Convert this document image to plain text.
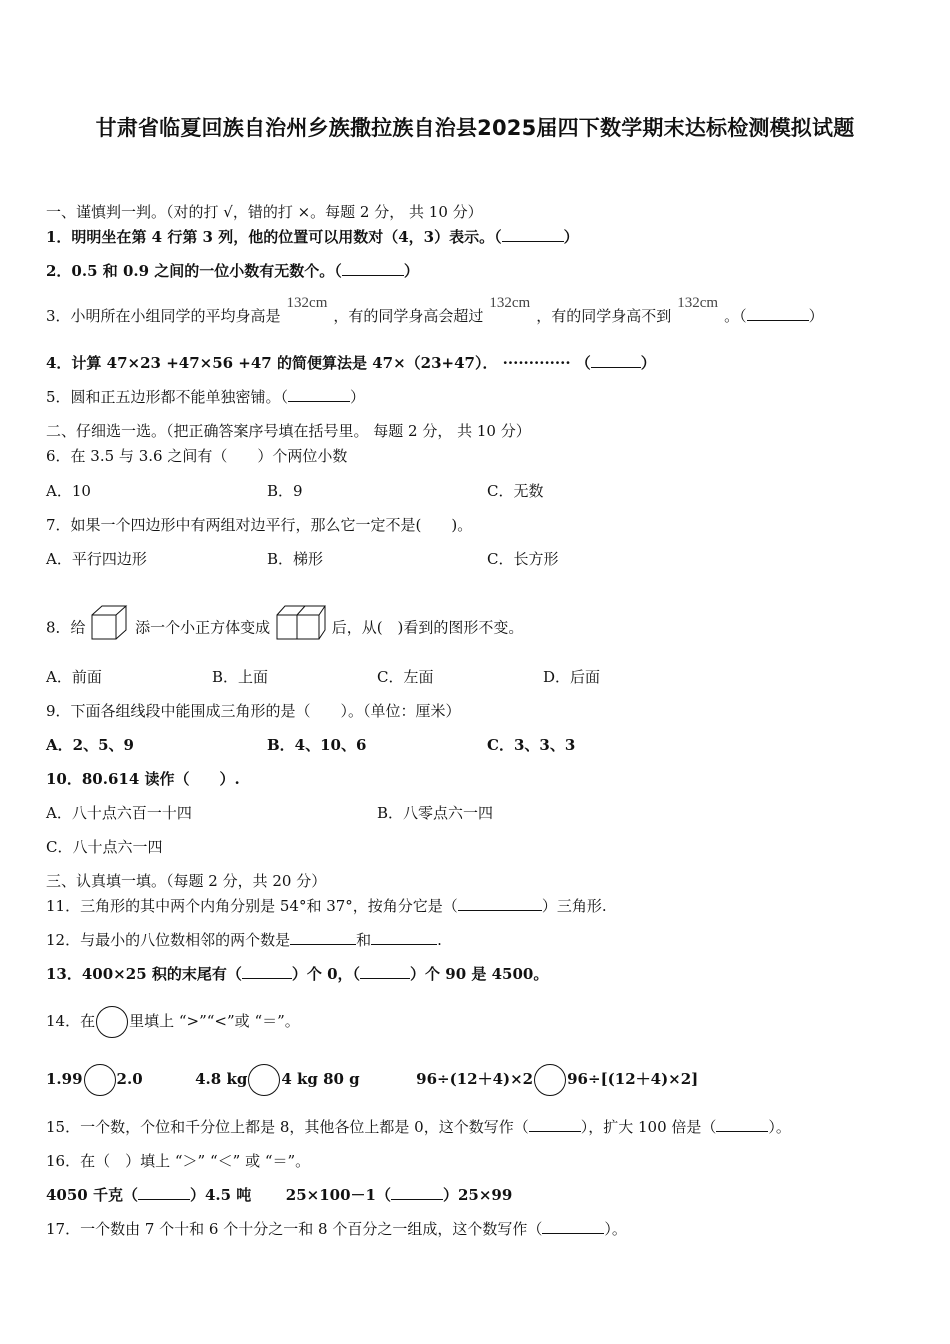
甘肃省临夏回族自治州乡族撒拉族自治县2025届四下数学期末达标检测模拟试题
一、谨慎判一判。（对的打 √，错的打 ×。每题 2 分， 共 10 分）
1．明明坐在第 4 行第 3 列，他的位置可以用数对（4，3）表示。（	）
2．0.5 和 0.9 之间的一位小数有无数个。（	）
3．小明所在小组同学的平均身高是132cm，有的同学身高会超过132cm，有的同学身高不到132cm。（	）
4．计算 47×23 +47×56 +47 的简便算法是 47×（23+47）． ············· （	）
5．圆和正五边形都不能单独密铺。（	）
二、仔细选一选。（把正确答案序号填在括号里。 每题 2 分， 共 10 分）
6．在 3.5 与 3.6 之间有（　　）个两位小数
A．10	B．9	C．无数
7．如果一个四边形中有两组对边平行，那么它一定不是(　　)。
A．平行四边形	B．梯形	C．长方形
8．给	添一个小正方体变成	后，从(　)看到的图形不变。
A．前面	B．上面	C．左面	D．后面
9．下面各组线段中能围成三角形的是（　　）。（单位：厘米）
A．2、5、9	B．4、10、6	C．3、3、3
10．80.614 读作（　　）.
A．八十点六百一十四	B．八零点六一四
C．八十点六一四
三、认真填一填。（每题 2 分，共 20 分）
11．三角形的其中两个内角分别是 54°和 37°，按角分它是（	）三角形.
12．与最小的八位数相邻的两个数是	和	.
13．400×25 积的末尾有（	）个 0，（	）个 90 是 4500。
14．在 里填上 “>”“<”或 “＝”。
1.99 2.0	4.8 kg 4 kg 80 g	96÷(12＋4)×2 96÷[(12＋4)×2]
15．一个数，个位和千分位上都是 8，其他各位上都是 0，这个数写作（	），扩大 100 倍是（	）。
16．在（　）填上 “＞” “＜” 或 “＝”。
4050 千克（	）4.5 吨 25×100－1（	）25×99
17．一个数由 7 个十和 6 个十分之一和 8 个百分之一组成，这个数写作（	）。
